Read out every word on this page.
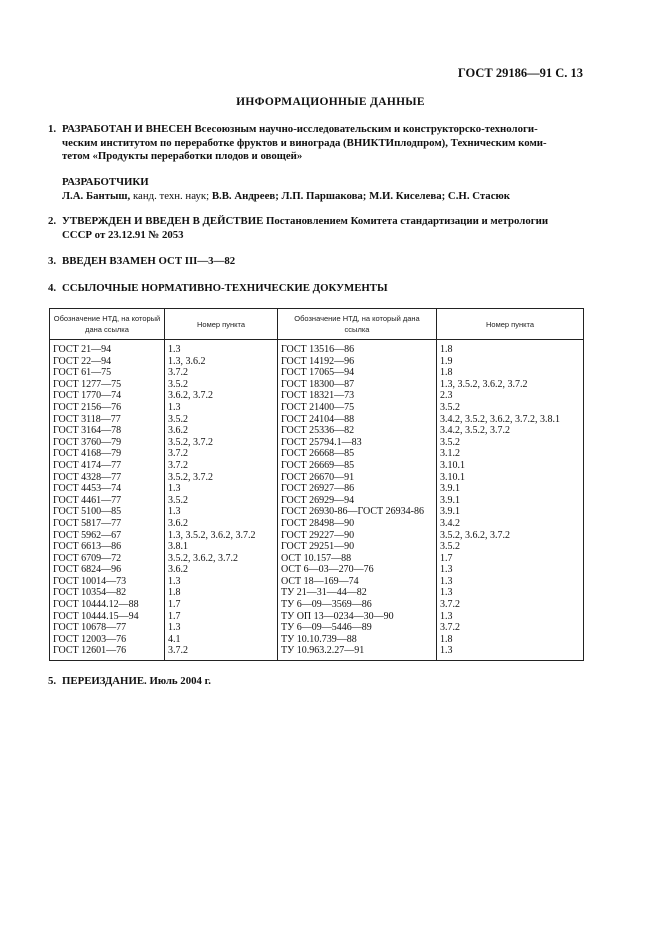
ГОСТ 29186—91 С. 13
ИНФОРМАЦИОННЫЕ ДАННЫЕ
1. РАЗРАБОТАН И ВНЕСЕН Всесоюзным научно-исследовательским и конструкторско-технологи-
ческим институтом по переработке фруктов и винограда (ВНИКТИплодпром), Техническим коми-
тетом «Продукты переработки плодов и овощей»
РАЗРАБОТЧИКИ
Л.А. Бантыш, канд. техн. наук; В.В. Андреев; Л.П. Паршакова; М.И. Киселева; С.Н. Стасюк
2. УТВЕРЖДЕН И ВВЕДЕН В ДЕЙСТВИЕ Постановлением Комитета стандартизации и метрологии
СССР от 23.12.91 № 2053
3. ВВЕДЕН ВЗАМЕН ОСТ III—3—82
4. ССЫЛОЧНЫЕ НОРМАТИВНО-ТЕХНИЧЕСКИЕ ДОКУМЕНТЫ
Обозначение НТД, на который дана ссылка	Номер пункта	Обозначение НТД, на который дана ссылка	Номер пункта
ГОСТ 21—94	1.3	ГОСТ 13516—86	1.8
ГОСТ 22—94	1.3, 3.6.2	ГОСТ 14192—96	1.9
ГОСТ 61—75	3.7.2	ГОСТ 17065—94	1.8
ГОСТ 1277—75	3.5.2	ГОСТ 18300—87	1.3, 3.5.2, 3.6.2, 3.7.2
ГОСТ 1770—74	3.6.2, 3.7.2	ГОСТ 18321—73	2.3
ГОСТ 2156—76	1.3	ГОСТ 21400—75	3.5.2
ГОСТ 3118—77	3.5.2	ГОСТ 24104—88	3.4.2, 3.5.2, 3.6.2, 3.7.2, 3.8.1
ГОСТ 3164—78	3.6.2	ГОСТ 25336—82	3.4.2, 3.5.2, 3.7.2
ГОСТ 3760—79	3.5.2, 3.7.2	ГОСТ 25794.1—83	3.5.2
ГОСТ 4168—79	3.7.2	ГОСТ 26668—85	3.1.2
ГОСТ 4174—77	3.7.2	ГОСТ 26669—85	3.10.1
ГОСТ 4328—77	3.5.2, 3.7.2	ГОСТ 26670—91	3.10.1
ГОСТ 4453—74	1.3	ГОСТ 26927—86	3.9.1
ГОСТ 4461—77	3.5.2	ГОСТ 26929—94	3.9.1
ГОСТ 5100—85	1.3	ГОСТ 26930-86—ГОСТ 26934-86	3.9.1
ГОСТ 5817—77	3.6.2	ГОСТ 28498—90	3.4.2
ГОСТ 5962—67	1.3, 3.5.2, 3.6.2, 3.7.2	ГОСТ 29227—90	3.5.2, 3.6.2, 3.7.2
ГОСТ 6613—86	3.8.1	ГОСТ 29251—90	3.5.2
ГОСТ 6709—72	3.5.2, 3.6.2, 3.7.2	ОСТ 10.157—88	1.7
ГОСТ 6824—96	3.6.2	ОСТ 6—03—270—76	1.3
ГОСТ 10014—73	1.3	ОСТ 18—169—74	1.3
ГОСТ 10354—82	1.8	ТУ 21—31—44—82	1.3
ГОСТ 10444.12—88	1.7	ТУ 6—09—3569—86	3.7.2
ГОСТ 10444.15—94	1.7	ТУ ОП 13—0234—30—90	1.3
ГОСТ 10678—77	1.3	ТУ 6—09—5446—89	3.7.2
ГОСТ 12003—76	4.1	ТУ 10.10.739—88	1.8
ГОСТ 12601—76	3.7.2	ТУ 10.963.2.27—91	1.3
5. ПЕРЕИЗДАНИЕ. Июль 2004 г.
